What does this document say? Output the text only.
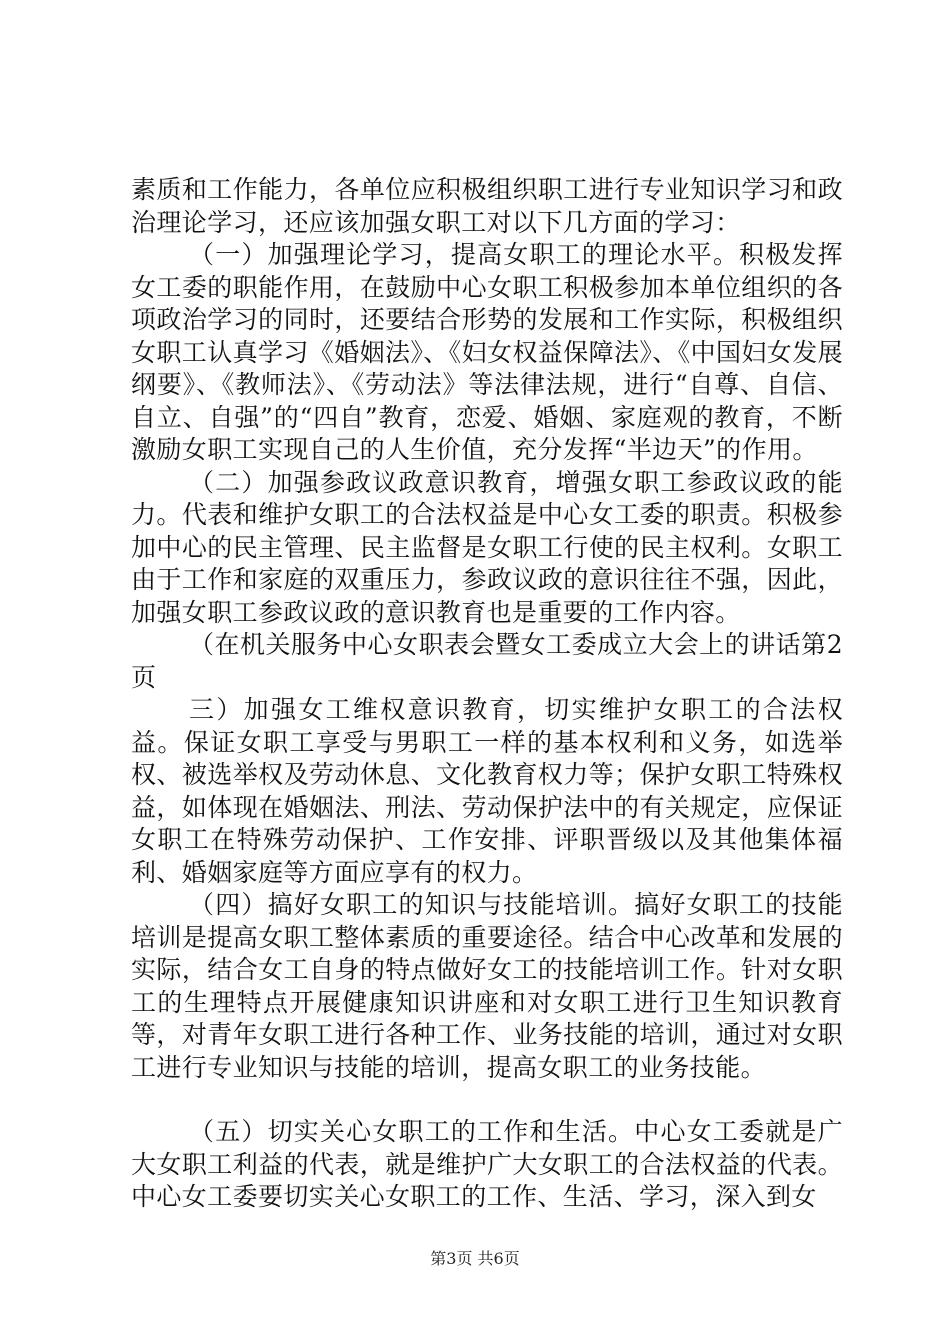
素质和工作能力，各单位应积极组织职工进行专业知识学习和政治理论学习，还应该加强女职工对以下几方面的学习：

（一）加强理论学习，提高女职工的理论水平。积极发挥女工委的职能作用，在鼓励中心女职工积极参加本单位组织的各项政治学习的同时，还要结合形势的发展和工作实际，积极组织女职工认真学习《婚姻法》、《妇女权益保障法》、《中国妇女发展纲要》、《教师法》、《劳动法》等法律法规，进行“自尊、自信、自立、自强”的“四自”教育，恋爱、婚姻、家庭观的教育，不断激励女职工实现自己的人生价值，充分发挥“半边天”的作用。

（二）加强参政议政意识教育，增强女职工参政议政的能力。代表和维护女职工的合法权益是中心女工委的职责。积极参加中心的民主管理、民主监督是女职工行使的民主权利。女职工由于工作和家庭的双重压力，参政议政的意识往往不强，因此，加强女职工参政议政的意识教育也是重要的工作内容。

（在机关服务中心女职表会暨女工委成立大会上的讲话第2页

三）加强女工维权意识教育，切实维护女职工的合法权益。保证女职工享受与男职工一样的基本权利和义务，如选举权、被选举权及劳动休息、文化教育权力等；保护女职工特殊权益，如体现在婚姻法、刑法、劳动保护法中的有关规定，应保证女职工在特殊劳动保护、工作安排、评职晋级以及其他集体福利、婚姻家庭等方面应享有的权力。

（四）搞好女职工的知识与技能培训。搞好女职工的技能培训是提高女职工整体素质的重要途径。结合中心改革和发展的实际，结合女工自身的特点做好女工的技能培训工作。针对女职工的生理特点开展健康知识讲座和对女职工进行卫生知识教育等，对青年女职工进行各种工作、业务技能的培训，通过对女职工进行专业知识与技能的培训，提高女职工的业务技能。

（五）切实关心女职工的工作和生活。中心女工委就是广大女职工利益的代表，就是维护广大女职工的合法权益的代表。中心女工委要切实关心女职工的工作、生活、学习，深入到女

第3页 共6页
